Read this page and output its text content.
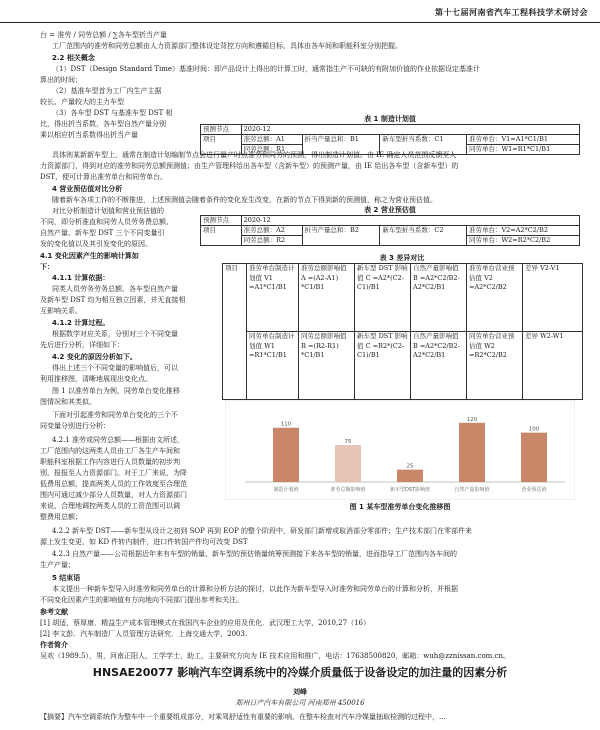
第十七届河南省汽车工程科技学术研讨会
台 = 准劳 / 同劳总额 / ∑各车型折当产量
工厂范围内的准劳和同劳总额由人力资源部门整体设定背控方向和遵循目标，具体由各车间和职能科室分别把握。
2.2 相关概念
（1）DST（Design Standard Time）基准时间：即产品设计上得出的计算工时，通常指生产不可缺的有附加价值的作业依据设定基准计
算出的时间；
（2）基准车型首为工厂内生产主据
较长、产量较大的主力车型
（3）各车型 DST 与基准车型 DST 相
比，得出折当系数，各车型自然产量分别
乘以相应折当系数得出折当产量
表 1 制造计划值
预测节点	2020-12			
项目	准劳总额：A1	折当产量总和：B1	新车型折当系数：C1	准劳单台：V1=A1*C1/B1
	同劳总额：R1			同劳单台：W1=R1*C1/B1
具体则某新新车型上，通常在制造计划编制节点会进行量产时点准劳和同劳的预测，得出制造计划值。由 IE 确定人员范围反馈至人
力资源部门，得到对应的准劳和同劳总额预测值；由生产管理科给出各车型（含新车型）的预测产量，由 IE 给出各车型（含新车型）的
DST，便可计算出准劳单台和同劳单台。
4 营业预估值对比分析
随着新车各项工作的不断推进，上述预测值会随着条件的变化发生改变，在新的节点下得到新的预测值，称之为营业预估值。
表 2 营业预估值
预测节点	2020-12			
项目	准劳总额：A2	折当产量总和：B2	新车型折当系数：C2	准劳单台：V2=A2*C2/B2
	同劳总额：R2			同劳单台：W2=R2*C2/B2
对比分析制造计划值和营业预估值的
不同，即分析准直和同劳人员劳务费总额、
自然产量、新车型 DST 三个不同变量引
发的变化值以及其引发变化的原因。
4.1 变化因素产生的影响计算如
下：
表 3 差异对比
项目	准劳单台制造计划值 V1 =A1*C1/B1	准劳总额影响值 A =(A2-A1) *C1/B1	新车型 DST 影响值 C =A2*(C2-C1)/B1	自然产量影响值 B =A2*C2/B2-A2*C2/B1	准劳单台营业预估值 V2 =A2*C2/B2	差异 V2-V1
	同劳单台制造计划值 W1 =R1*C1/B1	同劳总额影响值 R =(R2-R1) *C1/B1	新车型 DST 影响值 C =R2*(C2-C1)/B1	自然产量影响值 B =A2*C2/B2-A2*C2/B1	同劳单台营业预估值 W2 =R2*C2/B2	差异 W2-W1
4.1.1 计算依据：
同类人员劳务劳务总额、各车型自然产量
及新车型 DST 均为相互独立因素，并无直接相
互影响关系。
4.1.2 计算过程。
根据数学对应关系，分别对三个不同变量
先后进行分析，详细如下：
4.2 变化的原因分析如下。
得出上述三个不同变量的影响值后，可以
利用推移图，清晰地展现出变化点。
图 1 以准劳单台为例，同劳单台变化推移
图情况和其类似。
下面对引起准劳和同劳单台变化的三个不
同变量分别进行分析：
4.2.1 准劳或同劳总额——根据由文所述，
工厂范围内的这两类人员由工厂各生产车间和
职能科室根据工作内容进行人员数量的初步判
别，报报至人力资源部门。对于工厂来说，为降
低费用总额，提高两类人员的工作效度至合理范
围内可通过减少部分人员数量，对人力资源部门
来说，合理地调控两类人员的工资范围可以调
整费用总额；
110
制造计划值
75
准劳总额影响值
25
新车型DST影响值
120
自然产量影响值
100
营业预估值
图 1 某车型准劳单台变化推移图
4.2.2 新车型 DST——新车型从设计之初到 SOP 再到 EOP 的整个阶段中，研发部门新增或取消部分零部件；生产技术部门在零部件来
源上发生变更，如 KD 件转内制件，进口件转国产件均可改变 DST
4.2.3 自然产量——公司根据近年来有车型的销量、新车型的预估销量统筹预测接下来各车型的销量，进而指导工厂范围内各车间的
生产产量；
5 结束语
本文提出一种新车型导入时准劳和同劳单台的计算和分析方法的探讨，以此作为新车型导入时准劳和同劳单台的计算和分析，并根据
不同变化因素产生的影响值有方向地向不同部门提出参考和关注。
参考文献
[1] 胡适，蔡厚康．精益生产成本管理模式在我国汽车企业的应用及优化．武汉理工大学，2010,27（16）
[2] 李文彭．汽车制造厂人员管理方法研究．上海交通大学，2003.
作者简介
吴欢（1989.5），男，河南正阳人，工学学士，助工，主要研究方向为 IE 技术应用和推广，电话：17638500820，邮箱：wuh@zznissan.com.cn。
HNSAE20077 影响汽车空调系统中的冷媒介质量低于设备设定的加注量的因素分析
刘峰
郑州日产汽车有限公司 河南郑州 450016
【摘要】汽车空调系统作为整车中一个重要组成部分，对乘驾舒适性有重要的影响。在整车检查对汽车冷媒量抽取检测的过程中，...
